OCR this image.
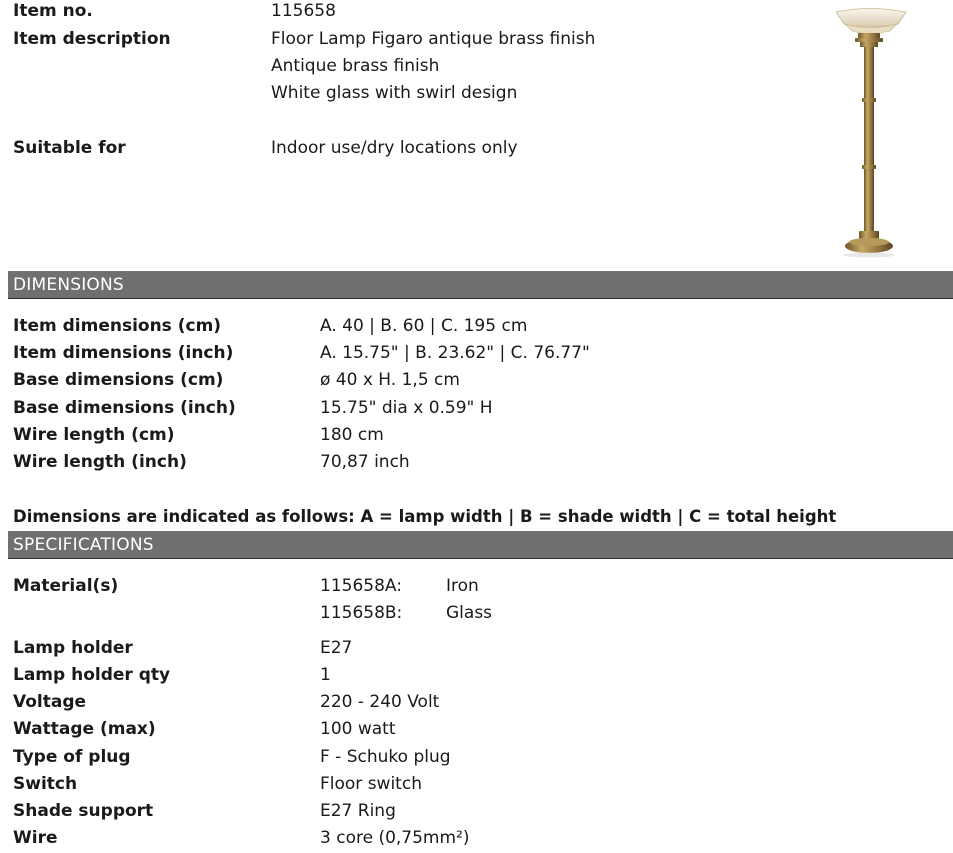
Item no.	115658
Item description	Floor Lamp Figaro antique brass finish
Antique brass finish
White glass with swirl design
Suitable for	Indoor use/dry locations only
DIMENSIONS
Item dimensions (cm)	A. 40 | B. 60 | C. 195 cm
Item dimensions (inch)	A. 15.75" | B. 23.62" | C. 76.77"
Base dimensions (cm)	ø 40 x H. 1,5 cm
Base dimensions (inch)	15.75" dia x 0.59" H
Wire length (cm)	180 cm
Wire length (inch)	70,87 inch
Dimensions are indicated as follows: A = lamp width | B = shade width | C = total height
SPECIFICATIONS
Material(s)	115658A:	Iron
115658B:	Glass
Lamp holder	E27
Lamp holder qty	1
Voltage	220 - 240 Volt
Wattage (max)	100 watt
Type of plug	F - Schuko plug
Switch	Floor switch
Shade support	E27 Ring
Wire	3 core (0,75mm²)
